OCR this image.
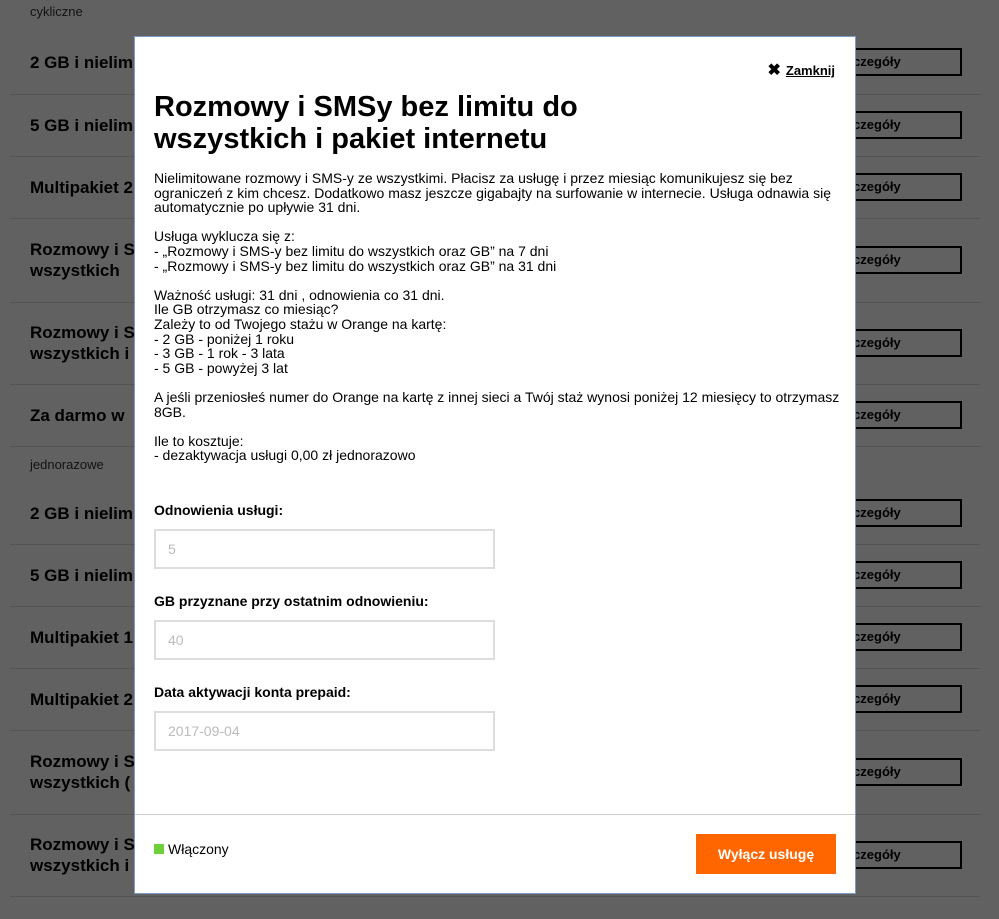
✖ Zamknij
Rozmowy i SMSy bez limitu do wszystkich i pakiet internetu

Nielimitowane rozmowy i SMS-y ze wszystkimi. Płacisz za usługę i przez miesiąc komunikujesz się bez ograniczeń z kim chcesz. Dodatkowo masz jeszcze gigabajty na surfowanie w internecie. Usługa odnawia się automatycznie po upływie 31 dni.

Usługa wyklucza się z:
- „Rozmowy i SMS-y bez limitu do wszystkich oraz GB” na 7 dni
- „Rozmowy i SMS-y bez limitu do wszystkich oraz GB” na 31 dni

Ważność usługi: 31 dni , odnowienia co 31 dni.
Ile GB otrzymasz co miesiąc?
Zależy to od Twojego stażu w Orange na kartę:
- 2 GB - poniżej 1 roku
- 3 GB - 1 rok - 3 lata
- 5 GB - powyżej 3 lat

A jeśli przeniosłeś numer do Orange na kartę z innej sieci a Twój staż wynosi poniżej 12 miesięcy to otrzymasz 8GB.

Ile to kosztuje:
- dezaktywacja usługi 0,00 zł jednorazowo

Odnowienia usługi:
5
GB przyznane przy ostatnim odnowieniu:
40
Data aktywacji konta prepaid:
2017-09-04
Włączony	Wyłącz usługę
